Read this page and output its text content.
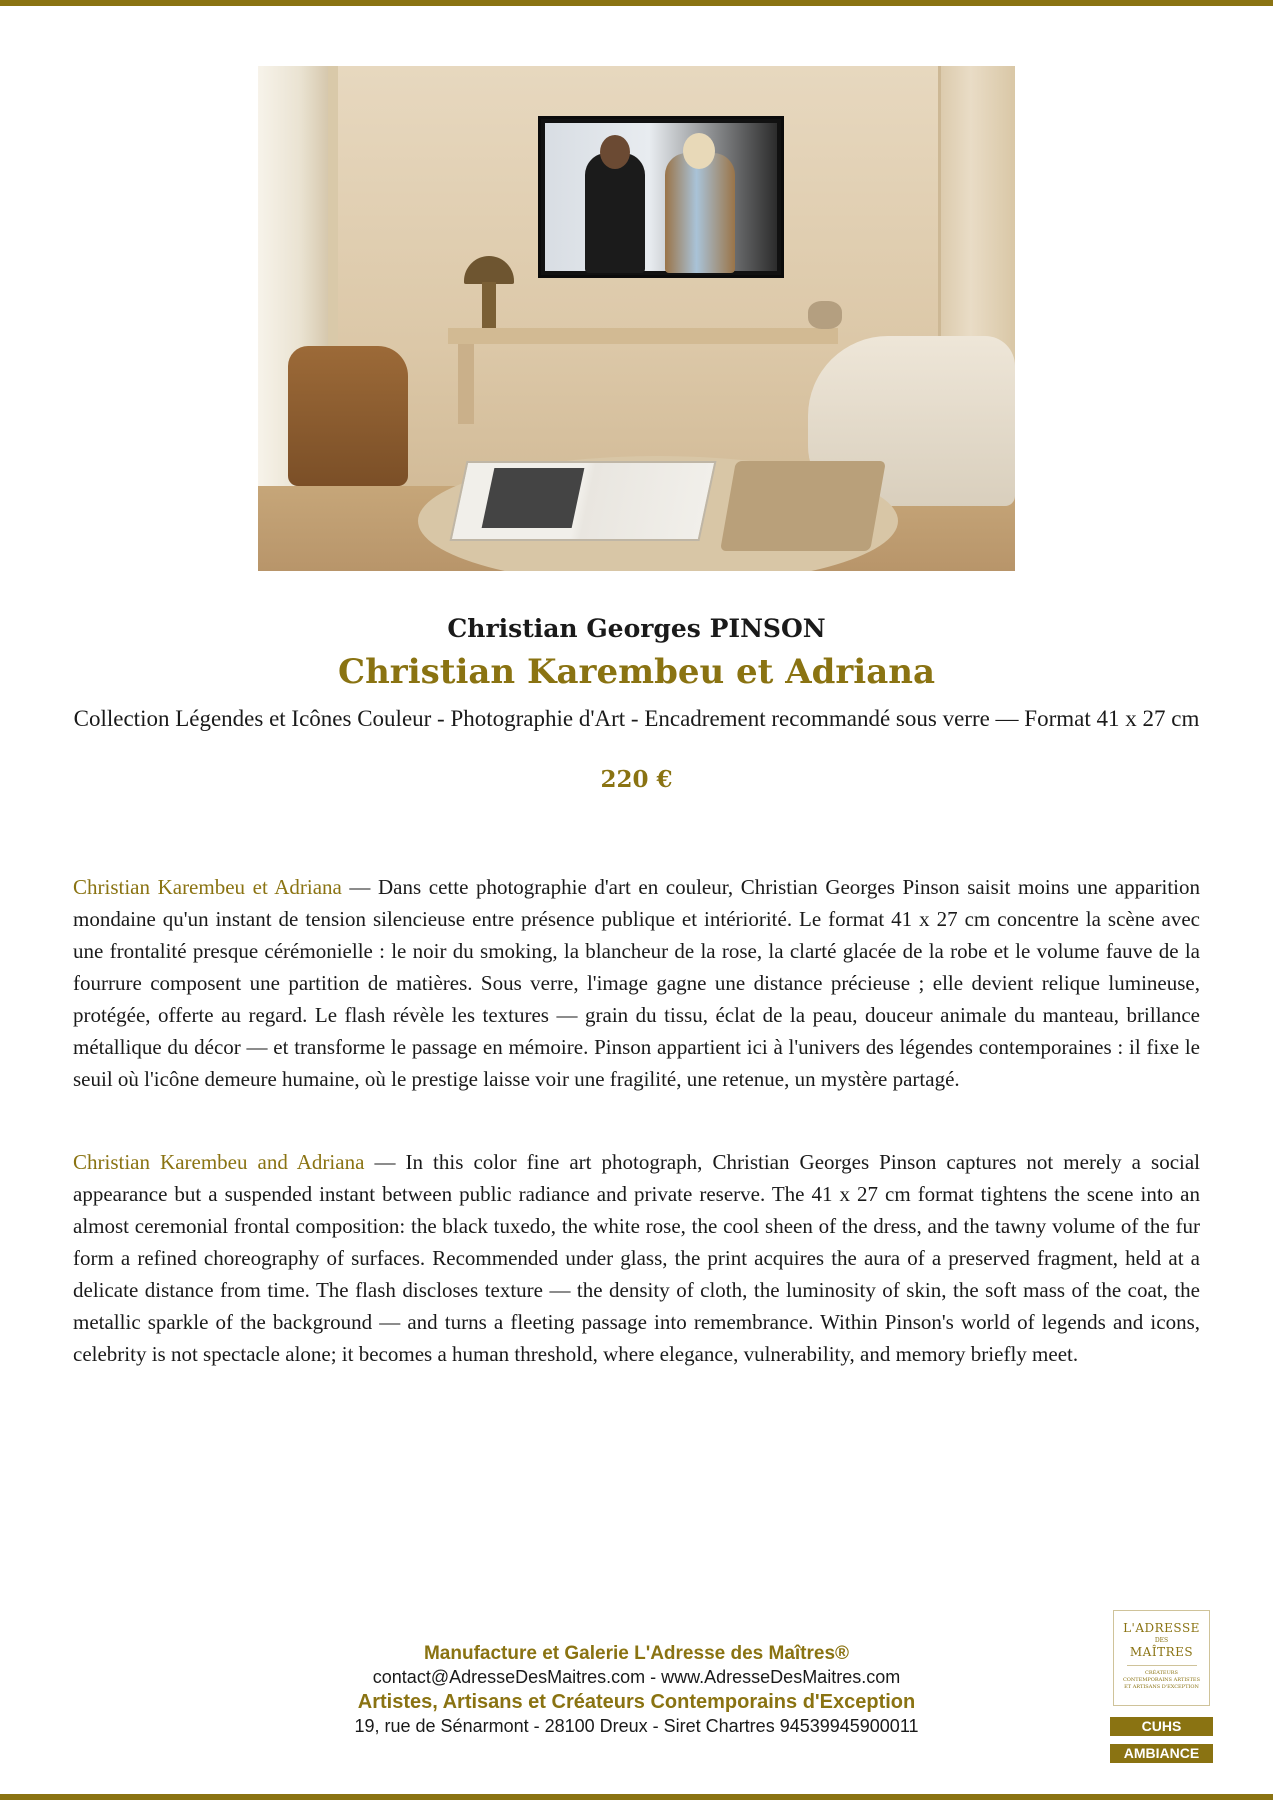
Christian Georges PINSON
Christian Karembeu et Adriana
Collection Légendes et Icônes Couleur - Photographie d'Art - Encadrement recommandé sous verre — Format 41 x 27 cm
220 €

Christian Karembeu et Adriana — Dans cette photographie d'art en couleur, Christian Georges Pinson saisit moins une apparition mondaine qu'un instant de tension silencieuse entre présence publique et intériorité. Le format 41 x 27 cm concentre la scène avec une frontalité presque cérémonielle : le noir du smoking, la blancheur de la rose, la clarté glacée de la robe et le volume fauve de la fourrure composent une partition de matières. Sous verre, l'image gagne une distance précieuse ; elle devient relique lumineuse, protégée, offerte au regard. Le flash révèle les textures — grain du tissu, éclat de la peau, douceur animale du manteau, brillance métallique du décor — et transforme le passage en mémoire. Pinson appartient ici à l'univers des légendes contemporaines : il fixe le seuil où l'icône demeure humaine, où le prestige laisse voir une fragilité, une retenue, un mystère partagé.

Christian Karembeu and Adriana — In this color fine art photograph, Christian Georges Pinson captures not merely a social appearance but a suspended instant between public radiance and private reserve. The 41 x 27 cm format tightens the scene into an almost ceremonial frontal composition: the black tuxedo, the white rose, the cool sheen of the dress, and the tawny volume of the fur form a refined choreography of surfaces. Recommended under glass, the print acquires the aura of a preserved fragment, held at a delicate distance from time. The flash discloses texture — the density of cloth, the luminosity of skin, the soft mass of the coat, the metallic sparkle of the background — and turns a fleeting passage into remembrance. Within Pinson's world of legends and icons, celebrity is not spectacle alone; it becomes a human threshold, where elegance, vulnerability, and memory briefly meet.

Manufacture et Galerie L'Adresse des Maîtres®
contact@AdresseDesMaitres.com - www.AdresseDesMaitres.com
Artistes, Artisans et Créateurs Contemporains d'Exception
19, rue de Sénarmont - 28100 Dreux - Siret Chartres 94539945900011
L'ADRESSE
DES
MAÎTRES
CRÉATEURS CONTEMPORAINS ARTISTES ET ARTISANS D'EXCEPTION
CUHS
AMBIANCE
